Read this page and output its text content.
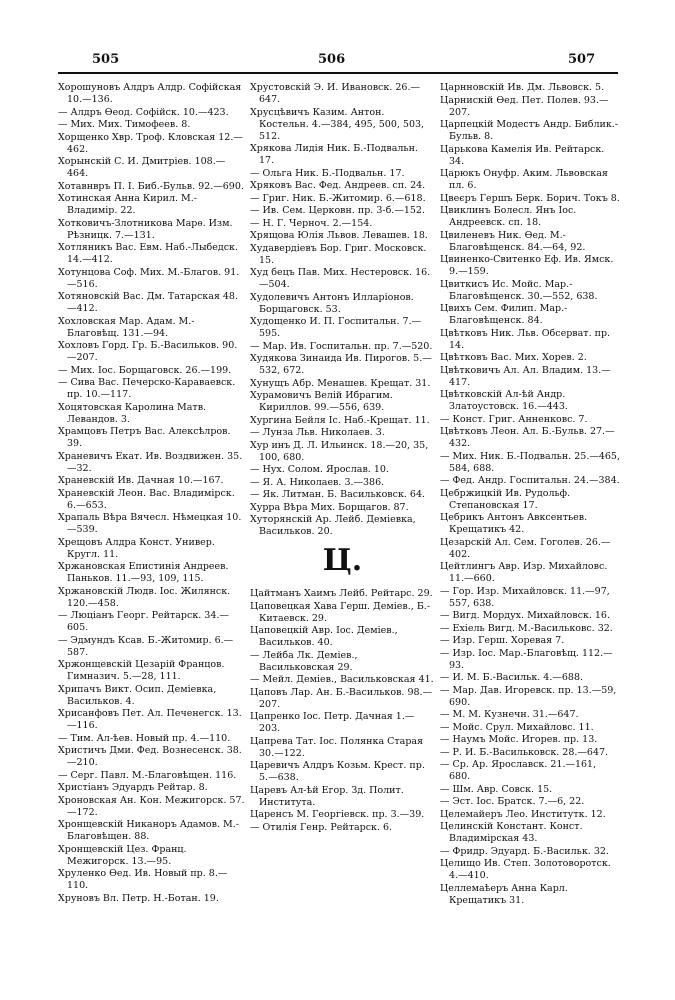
505	506	507
Хорошуновъ Алдръ Алдр. Софійская 10.—136.
— Алдръ Ѳеод. Софійск. 10.—423.
— Мих. Мих. Тимофеев. 8.
Хорщенко Хвр. Троф. Кловская 12.—462.
Хорынскій С. И. Дмитріев. 108.—464.
Хотавнвръ П. І. Биб.-Бульв. 92.—690.
Хотинская Анна Кирил. М.-Владимір. 22.
Хотковичъ-Злотникова Марѳ. Изм. Рѣзницк. 7.—131.
Хотляникъ Вас. Евм. Наб.-Лыбедск. 14.—412.
Хотунцова Соф. Мих. М.-Благов. 91.—516.
Хотяновскій Вас. Дм. Татарская 48.—412.
Хохловская Мар. Адам. М.-Благовѣщ. 131.—94.
Хохловъ Горд. Гр. Б.-Васильков. 90.—207.
— Мих. Іос. Борщаговск. 26.—199.
— Сива Вас. Печерско-Караваевск. пр. 10.—117.
Хоцятовская Каролина Матв. Левандов. 3.
Храмцовъ Петръ Вас. Алексѣлров. 39.
Храневичъ Екат. Ив. Воздвижен. 35.—32.
Храневскій Ив. Дачная 10.—167.
Храневскій Леон. Вас. Владимірск. 6.—653.
Храпаль Вѣра Вячесл. Нѣмецкая 10.—539.
Хрещовъ Алдра Конст. Универ. Кругл. 11.
Хржановская Епистинія Андреев. Паньков. 11.—93, 109, 115.
Хржановскій Людв. Іос. Жилянск. 120.—458.
— Люціанъ Георг. Рейтарск. 34.—605.
— Эдмундъ Ксав. Б.-Житомир. 6.—587.
Хржонщевскій Цезарій Францов. Гимназич. 5.—28, 111.
Хрипачъ Викт. Осип. Деміевка, Васильков. 4.
Хрисанфовъ Пет. Ал. Печенегск. 13.—116.
— Тим. Ал-ѣев. Новый пр. 4.—110.
Христичъ Дми. Фед. Вознесенск. 38.—210.
— Серг. Павл. М.-Благовѣщен. 116.
Христіанъ Эдуардъ Рейтар. 8.
Хроновская Ан. Кон. Межигорск. 57.—172.
Хронщевскій Никаноръ Адамов. М.-Благовѣщен. 88.
Хронщевскій Цез. Франц. Межигорск. 13.—95.
Хруленко Ѳед. Ив. Новый пр. 8.—110.
Хруновъ Вл. Петр. Н.-Ботан. 19.
Хрустовскій Э. И. Ивановск. 26.—647.
Хрусцѣвичъ Казим. Антон. Костельн. 4.—384, 495, 500, 503, 512.
Хрякова Лидія Ник. Б.-Подвальн. 17.
— Ольга Ник. Б.-Подвальн. 17.
Хряковъ Вас. Фед. Андреев. сп. 24.
— Григ. Ник. Б.-Житомир. 6.—618.
— Ив. Сем. Церковн. пр. 3-б.—152.
— Н. Г. Черноч. 2.—154.
Хрящова Юлія Львов. Левашев. 18.
Худавердіевъ Бор. Григ. Московск. 15.
Худ бецъ Пав. Мих. Нестеровск. 16.—504.
Худолевичъ Антонъ Илларіонов. Борщаговск. 53.
Худощенко И. П. Госпитальн. 7.—595.
— Мар. Ив. Госпитальн. пр. 7.—520.
Худякова Зинаида Ив. Пирогов. 5.—532, 672.
Хунущъ Абр. Менашев. Крещат. 31.
Хурамовичъ Велій Ибрагим. Кириллов. 99.—556, 639.
Хургина Бейля Іс. Наб.-Крещат. 11.
— Лунза Льв. Николаев. 3.
Хур инъ Д. Л. Ильинск. 18.—20, 35, 100, 680.
— Нух. Солом. Ярослав. 10.
— Я. А. Николаев. 3.—386.
— Як. Литман. Б. Васильковск. 64.
Хурра Вѣра Мих. Борщагов. 87.
Хуторянскій Ар. Лейб. Деміевка, Васильков. 20.
Ц.
Цайтманъ Хаимъ Лейб. Рейтарс. 29.
Цаповецкая Хава Герш. Деміев., Б.-Китаевск. 29.
Цаповецкій Авр. Іос. Деміев., Васильков. 40.
— Лейба Лк. Деміев., Васильковская 29.
— Мейл. Деміев., Васильковская 41.
Цаповъ Лар. Ан. Б.-Васильков. 98.—207.
Цапренко Іос. Петр. Дачная 1.—203.
Цапрева Тат. Іос. Полянка Старая 30.—122.
Царевичъ Алдръ Козьм. Крест. пр. 5.—638.
Царевъ Ал-ѣй Егор. Зд. Полит. Института.
Царенсъ М. Георгіевск. пр. 3.—39.
— Отилія Генр. Рейтарск. 6.
Царнновскій Ив. Дм. Львовск. 5.
Царнискій Ѳед. Пет. Полев. 93.—207.
Царпецкій Модестъ Андр. Библик.-Бульв. 8.
Царькова Камелія Ив. Рейтарск. 34.
Царюкъ Онуфр. Аким. Львовская пл. 6.
Цвеєръ Гершъ Берк. Борич. Токъ 8.
Цвиклинъ Болесл. Янъ Іос. Андреевск. сп. 18.
Цвиленевъ Ник. Ѳед. М.-Благовѣщенск. 84.—64, 92.
Цвиненко-Свитенко Еф. Ив. Ямск. 9.—159.
Цвиткисъ Ис. Мойс. Мар.-Благовѣщенск. 30.—552, 638.
Цвихъ Сем. Филип. Мар.-Благовѣщенск. 84.
Цвѣтковъ Ник. Льв. Обсерват. пр. 14.
Цвѣтковъ Вас. Мих. Хорев. 2.
Цвѣтковичъ Ал. Ал. Владим. 13.—417.
Цвѣтковскій Ал-ѣй Андр. Златоустовск. 16.—443.
— Конст. Григ. Анненковс. 7.
Цвѣтковъ Леон. Ал. Б.-Бульв. 27.—432.
— Мих. Ник. Б.-Подвальн. 25.—465, 584, 688.
— Фед. Андр. Госпитальн. 24.—384.
Цебржицкій Ив. Рудольф. Степановская 17.
Цебрикъ Антонъ Авксентьев. Крещатикъ 42.
Цезарскій Ал. Сем. Гоголев. 26.—402.
Цейтлингъ Авр. Изр. Михайловс. 11.—660.
— Гор. Изр. Михайловск. 11.—97, 557, 638.
— Вигд. Мордух. Михайловск. 16.
— Ехіель Вигд. М.-Васильковс. 32.
— Изр. Герш. Хоревая 7.
— Изр. Іос. Мар.-Благовѣщ. 112.—93.
— И. М. Б.-Васильк. 4.—688.
— Мар. Дав. Игоревск. пр. 13.—59, 690.
— М. М. Кузнечн. 31.—647.
— Мойс. Срул. Михайловс. 11.
— Наумъ Мойс. Игорев. пр. 13.
— Р. И. Б.-Васильковск. 28.—647.
— Ср. Ар. Ярославск. 21.—161, 680.
— Шм. Авр. Совск. 15.
— Эст. Іос. Братск. 7.—6, 22.
Целемайеръ Лео. Институтк. 12.
Целинскій Констант. Конст. Владимірская 43.
— Фридр. Эдуард. Б.-Васильк. 32.
Целищо Ив. Степ. Золотоворотск. 4.—410.
Целлемаѣеръ Анна Карл. Крещатикъ 31.
